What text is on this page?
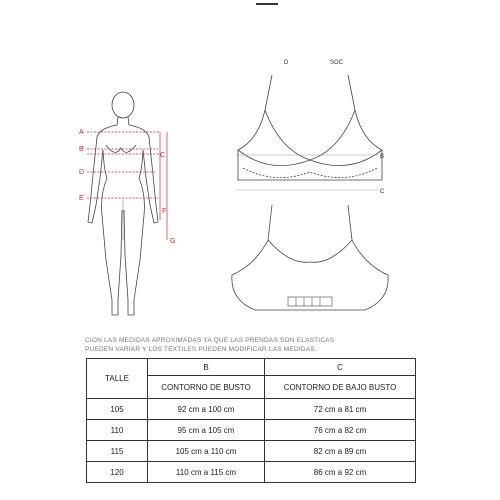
A
B
C
D
E
F
G
D	SOC
B
C
CION LAS MEDIDAS APROXIMADAS YA QUE LAS PRENDAS SON ELASTICAS
PUEDEN VARIAR Y LOS TEXTILES PUEDEN MODIFICAR LAS MEDIDAS.
TALLE	B	C
	CONTORNO DE BUSTO	CONTORNO DE BAJO BUSTO
105	92 cm a 100 cm	72 cm a 81 cm
110	95 cm a 105 cm	76 cm a 82 cm
115	105 cm a 110 cm	82 cm a 89 cm
120	110 cm a 115 cm	86 cm a 92 cm
